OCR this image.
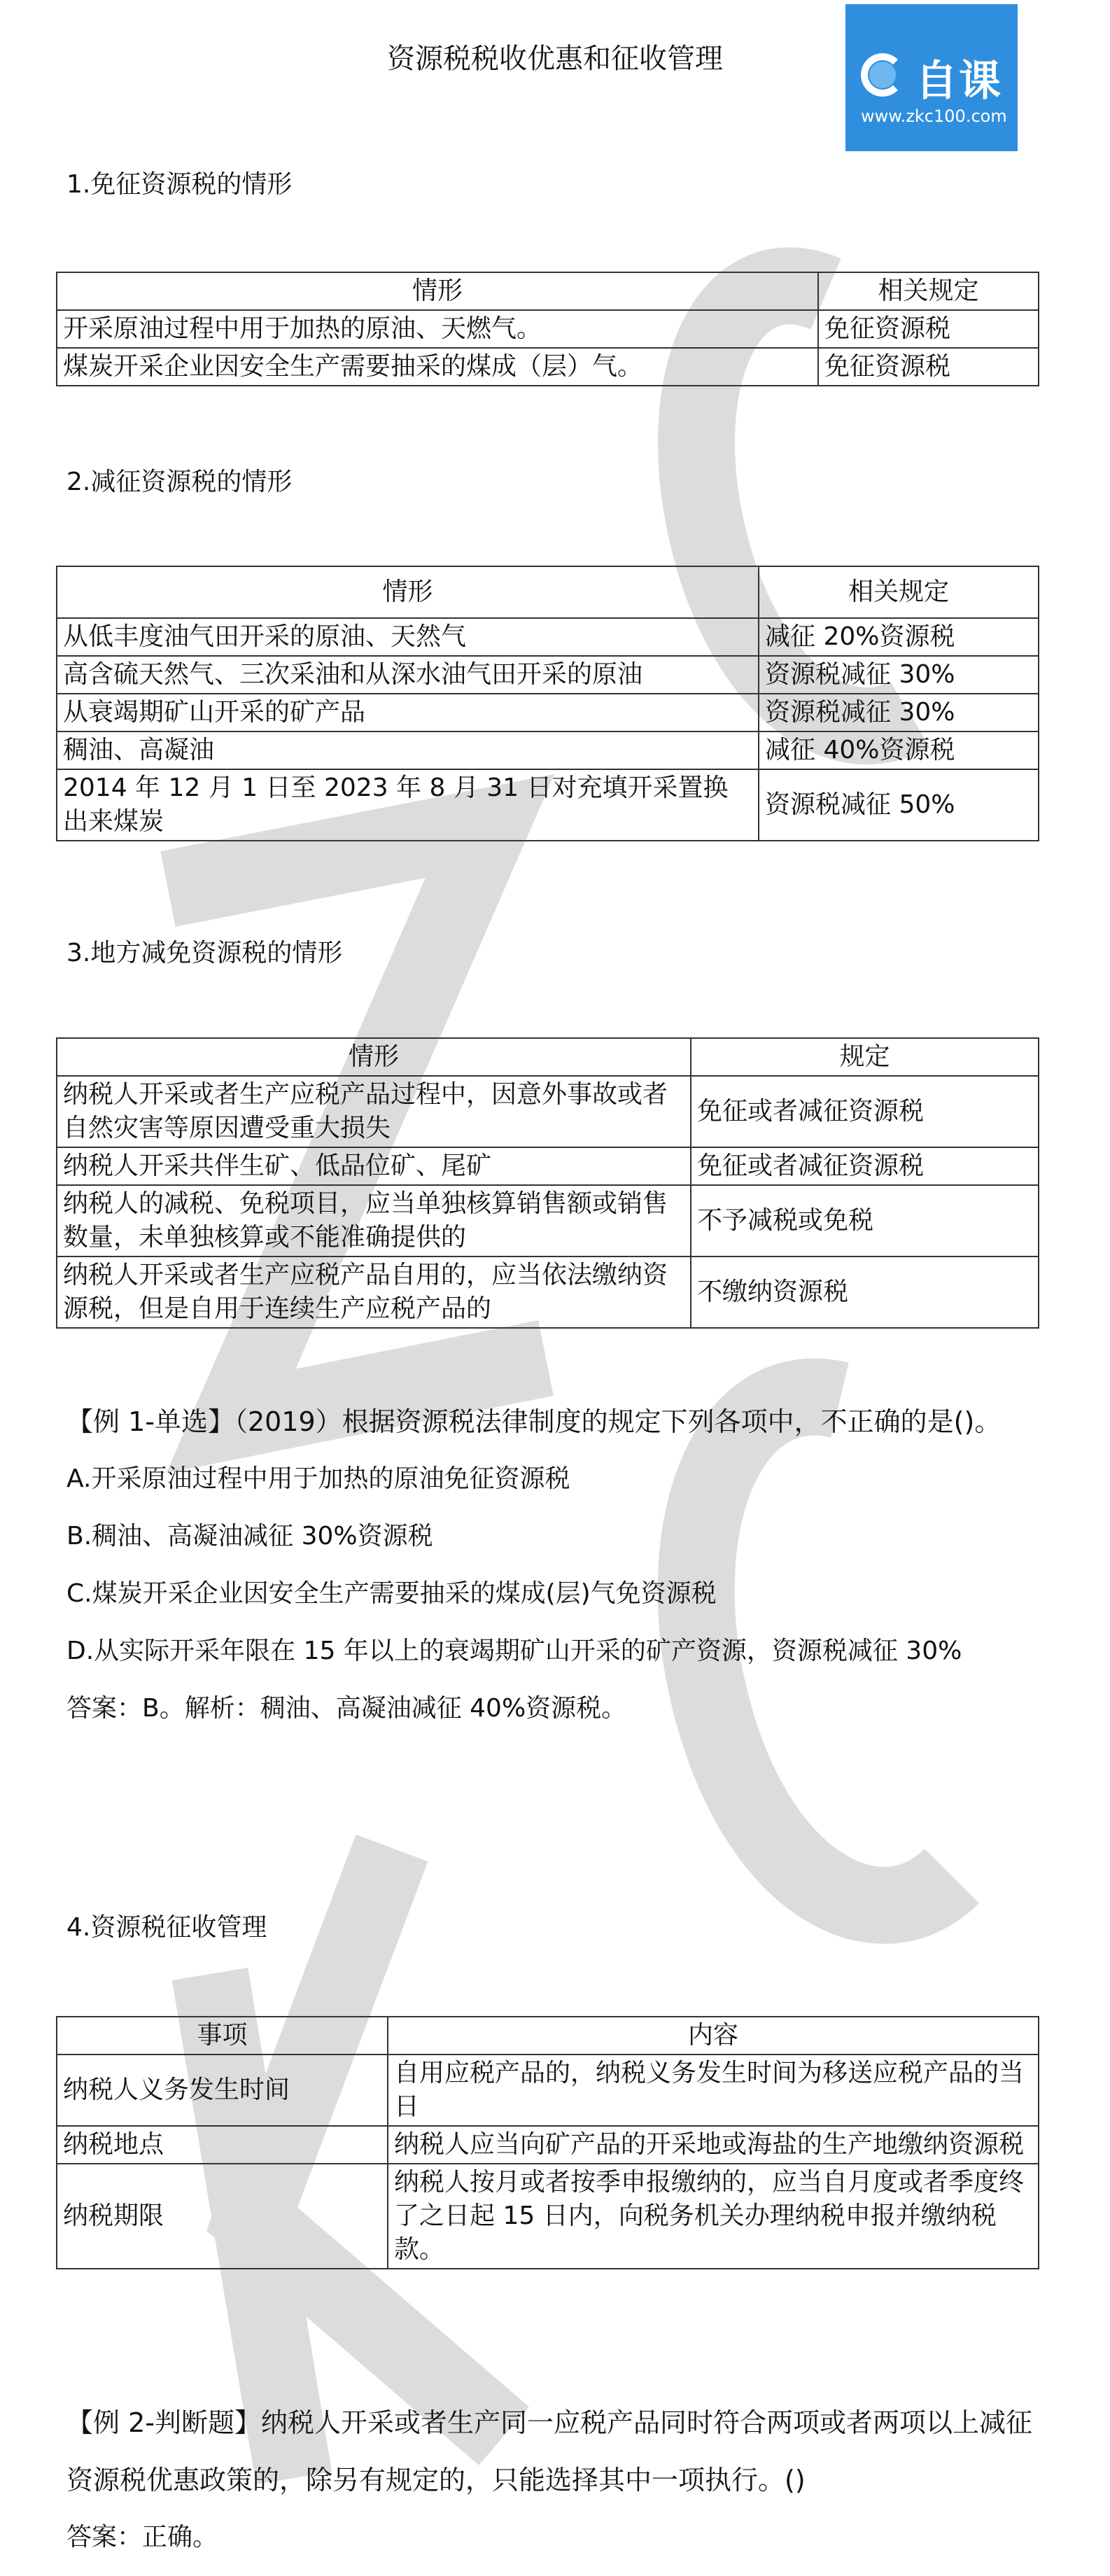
资源税税收优惠和征收管理	自课
www.zkc100.com
1.免征资源税的情形
情形	相关规定
开采原油过程中用于加热的原油、天燃气。	免征资源税
煤炭开采企业因安全生产需要抽采的煤成（层）气。	免征资源税
2.减征资源税的情形
情形	相关规定
从低丰度油气田开采的原油、天然气	减征 20%资源税
高含硫天然气、三次采油和从深水油气田开采的原油	资源税减征 30%
从衰竭期矿山开采的矿产品	资源税减征 30%
稠油、高凝油	减征 40%资源税
2014 年 12 月 1 日至 2023 年 8 月 31 日对充填开采置换出来煤炭	资源税减征 50%
3.地方减免资源税的情形
情形	规定
纳税人开采或者生产应税产品过程中，因意外事故或者自然灾害等原因遭受重大损失	免征或者减征资源税
纳税人开采共伴生矿、低品位矿、尾矿	免征或者减征资源税
纳税人的减税、免税项目，应当单独核算销售额或销售数量，未单独核算或不能准确提供的	不予减税或免税
纳税人开采或者生产应税产品自用的，应当依法缴纳资源税，但是自用于连续生产应税产品的	不缴纳资源税
【例 1-单选】（2019）根据资源税法律制度的规定下列各项中，不正确的是()。
A.开采原油过程中用于加热的原油免征资源税
B.稠油、高凝油减征 30%资源税
C.煤炭开采企业因安全生产需要抽采的煤成(层)气免资源税
D.从实际开采年限在 15 年以上的衰竭期矿山开采的矿产资源，资源税减征 30%
答案：B。解析：稠油、高凝油减征 40%资源税。
4.资源税征收管理
事项	内容
纳税人义务发生时间	自用应税产品的，纳税义务发生时间为移送应税产品的当日
纳税地点	纳税人应当向矿产品的开采地或海盐的生产地缴纳资源税
纳税期限	纳税人按月或者按季申报缴纳的，应当自月度或者季度终了之日起 15 日内，向税务机关办理纳税申报并缴纳税款。
【例 2-判断题】纳税人开采或者生产同一应税产品同时符合两项或者两项以上减征资源税优惠政策的，除另有规定的，只能选择其中一项执行。()
答案：正确。
